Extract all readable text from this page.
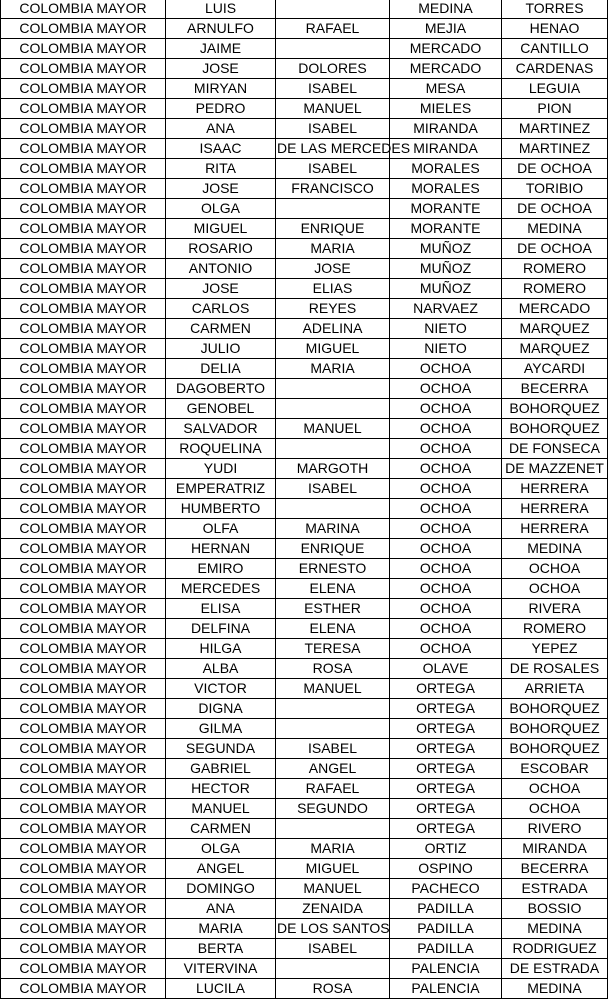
COLOMBIA MAYOR	LUIS		MEDINA	TORRES
COLOMBIA MAYOR	ARNULFO	RAFAEL	MEJIA	HENAO
COLOMBIA MAYOR	JAIME		MERCADO	CANTILLO
COLOMBIA MAYOR	JOSE	DOLORES	MERCADO	CARDENAS
COLOMBIA MAYOR	MIRYAN	ISABEL	MESA	LEGUIA
COLOMBIA MAYOR	PEDRO	MANUEL	MIELES	PION
COLOMBIA MAYOR	ANA	ISABEL	MIRANDA	MARTINEZ
COLOMBIA MAYOR	ISAAC	DE LAS MERCEDES	MIRANDA	MARTINEZ
COLOMBIA MAYOR	RITA	ISABEL	MORALES	DE OCHOA
COLOMBIA MAYOR	JOSE	FRANCISCO	MORALES	TORIBIO
COLOMBIA MAYOR	OLGA		MORANTE	DE OCHOA
COLOMBIA MAYOR	MIGUEL	ENRIQUE	MORANTE	MEDINA
COLOMBIA MAYOR	ROSARIO	MARIA	MUÑOZ	DE OCHOA
COLOMBIA MAYOR	ANTONIO	JOSE	MUÑOZ	ROMERO
COLOMBIA MAYOR	JOSE	ELIAS	MUÑOZ	ROMERO
COLOMBIA MAYOR	CARLOS	REYES	NARVAEZ	MERCADO
COLOMBIA MAYOR	CARMEN	ADELINA	NIETO	MARQUEZ
COLOMBIA MAYOR	JULIO	MIGUEL	NIETO	MARQUEZ
COLOMBIA MAYOR	DELIA	MARIA	OCHOA	AYCARDI
COLOMBIA MAYOR	DAGOBERTO		OCHOA	BECERRA
COLOMBIA MAYOR	GENOBEL		OCHOA	BOHORQUEZ
COLOMBIA MAYOR	SALVADOR	MANUEL	OCHOA	BOHORQUEZ
COLOMBIA MAYOR	ROQUELINA		OCHOA	DE FONSECA
COLOMBIA MAYOR	YUDI	MARGOTH	OCHOA	DE MAZZENET
COLOMBIA MAYOR	EMPERATRIZ	ISABEL	OCHOA	HERRERA
COLOMBIA MAYOR	HUMBERTO		OCHOA	HERRERA
COLOMBIA MAYOR	OLFA	MARINA	OCHOA	HERRERA
COLOMBIA MAYOR	HERNAN	ENRIQUE	OCHOA	MEDINA
COLOMBIA MAYOR	EMIRO	ERNESTO	OCHOA	OCHOA
COLOMBIA MAYOR	MERCEDES	ELENA	OCHOA	OCHOA
COLOMBIA MAYOR	ELISA	ESTHER	OCHOA	RIVERA
COLOMBIA MAYOR	DELFINA	ELENA	OCHOA	ROMERO
COLOMBIA MAYOR	HILGA	TERESA	OCHOA	YEPEZ
COLOMBIA MAYOR	ALBA	ROSA	OLAVE	DE ROSALES
COLOMBIA MAYOR	VICTOR	MANUEL	ORTEGA	ARRIETA
COLOMBIA MAYOR	DIGNA		ORTEGA	BOHORQUEZ
COLOMBIA MAYOR	GILMA		ORTEGA	BOHORQUEZ
COLOMBIA MAYOR	SEGUNDA	ISABEL	ORTEGA	BOHORQUEZ
COLOMBIA MAYOR	GABRIEL	ANGEL	ORTEGA	ESCOBAR
COLOMBIA MAYOR	HECTOR	RAFAEL	ORTEGA	OCHOA
COLOMBIA MAYOR	MANUEL	SEGUNDO	ORTEGA	OCHOA
COLOMBIA MAYOR	CARMEN		ORTEGA	RIVERO
COLOMBIA MAYOR	OLGA	MARIA	ORTIZ	MIRANDA
COLOMBIA MAYOR	ANGEL	MIGUEL	OSPINO	BECERRA
COLOMBIA MAYOR	DOMINGO	MANUEL	PACHECO	ESTRADA
COLOMBIA MAYOR	ANA	ZENAIDA	PADILLA	BOSSIO
COLOMBIA MAYOR	MARIA	DE LOS SANTOS	PADILLA	MEDINA
COLOMBIA MAYOR	BERTA	ISABEL	PADILLA	RODRIGUEZ
COLOMBIA MAYOR	VITERVINA		PALENCIA	DE ESTRADA
COLOMBIA MAYOR	LUCILA	ROSA	PALENCIA	MEDINA
